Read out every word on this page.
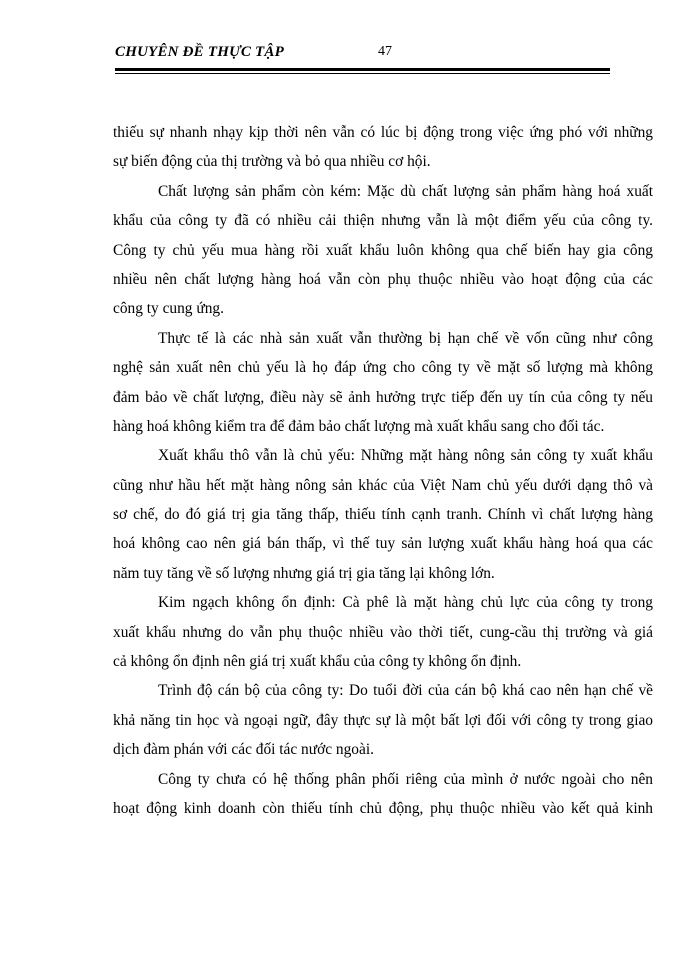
CHUYÊN ĐỀ THỰC TẬP	47
thiếu sự nhanh nhạy kịp thời nên vẫn có lúc bị động trong việc ứng phó với những
sự biến động của thị trường và bỏ qua nhiều cơ hội.
Chất lượng sản phẩm còn kém: Mặc dù chất lượng sản phẩm hàng hoá xuất
khẩu của công ty đã có nhiều cải thiện nhưng vẫn là một điểm yếu của công ty.
Công ty chủ yếu mua hàng rồi xuất khẩu luôn không qua chế biến hay gia công
nhiều nên chất lượng hàng hoá vẫn còn phụ thuộc nhiều vào hoạt động của các
công ty cung ứng.
Thực tế là các nhà sản xuất vẫn thường bị hạn chế về vốn cũng như công
nghệ sản xuất nên chủ yếu là họ đáp ứng cho công ty về mặt số lượng mà không
đảm bảo về chất lượng, điều này sẽ ảnh hưởng trực tiếp đến uy tín của công ty nếu
hàng hoá không kiểm tra để đảm bảo chất lượng mà xuất khẩu sang cho đối tác.
Xuất khẩu thô vẫn là chủ yếu: Những mặt hàng nông sản công ty xuất khẩu
cũng như hầu hết mặt hàng nông sản khác của Việt Nam chủ yếu dưới dạng thô và
sơ chế, do đó giá trị gia tăng thấp, thiếu tính cạnh tranh. Chính vì chất lượng hàng
hoá không cao nên giá bán thấp, vì thế tuy sản lượng xuất khẩu hàng hoá qua các
năm tuy tăng về số lượng nhưng giá trị gia tăng lại không lớn.
Kim ngạch không ổn định: Cà phê là mặt hàng chủ lực của công ty trong
xuất khẩu nhưng do vẫn phụ thuộc nhiều vào thời tiết, cung-cầu thị trường và giá
cả không ổn định nên giá trị xuất khẩu của công ty không ổn định.
Trình độ cán bộ của công ty: Do tuổi đời của cán bộ khá cao nên hạn chế về
khả năng tin học và ngoại ngữ, đây thực sự là một bất lợi đối với công ty trong giao
dịch đàm phán với các đối tác nước ngoài.
Công ty chưa có hệ thống phân phối riêng của mình ở nước ngoài cho nên
hoạt động kinh doanh còn thiếu tính chủ động, phụ thuộc nhiều vào kết quả kinh
